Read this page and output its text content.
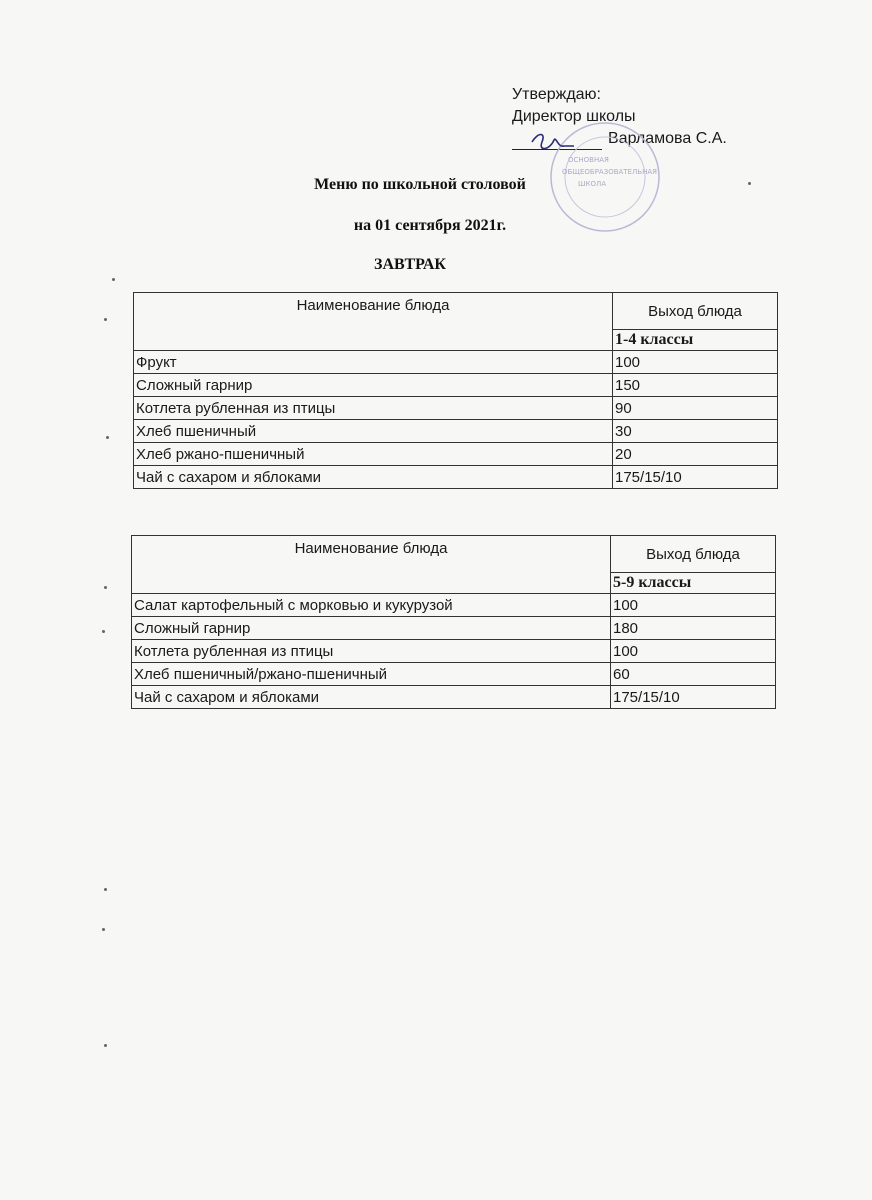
Утверждаю:
Директор школы
Варламова С.А.
ОСНОВНАЯ
ОБЩЕОБРАЗОВАТЕЛЬНАЯ
ШКОЛА
Меню по школьной столовой
на 01 сентября 2021г.
ЗАВТРАК
Наименование блюда	Выход блюда
	1-4 классы
Фрукт	100
Сложный гарнир	150
Котлета рубленная из птицы	90
Хлеб пшеничный	30
Хлеб ржано-пшеничный	20
Чай с сахаром и яблоками	175/15/10
Наименование блюда	Выход блюда
	5-9 классы
Салат картофельный с морковью и кукурузой	100
Сложный гарнир	180
Котлета рубленная из птицы	100
Хлеб пшеничный/ржано-пшеничный	60
Чай с сахаром и яблоками	175/15/10
